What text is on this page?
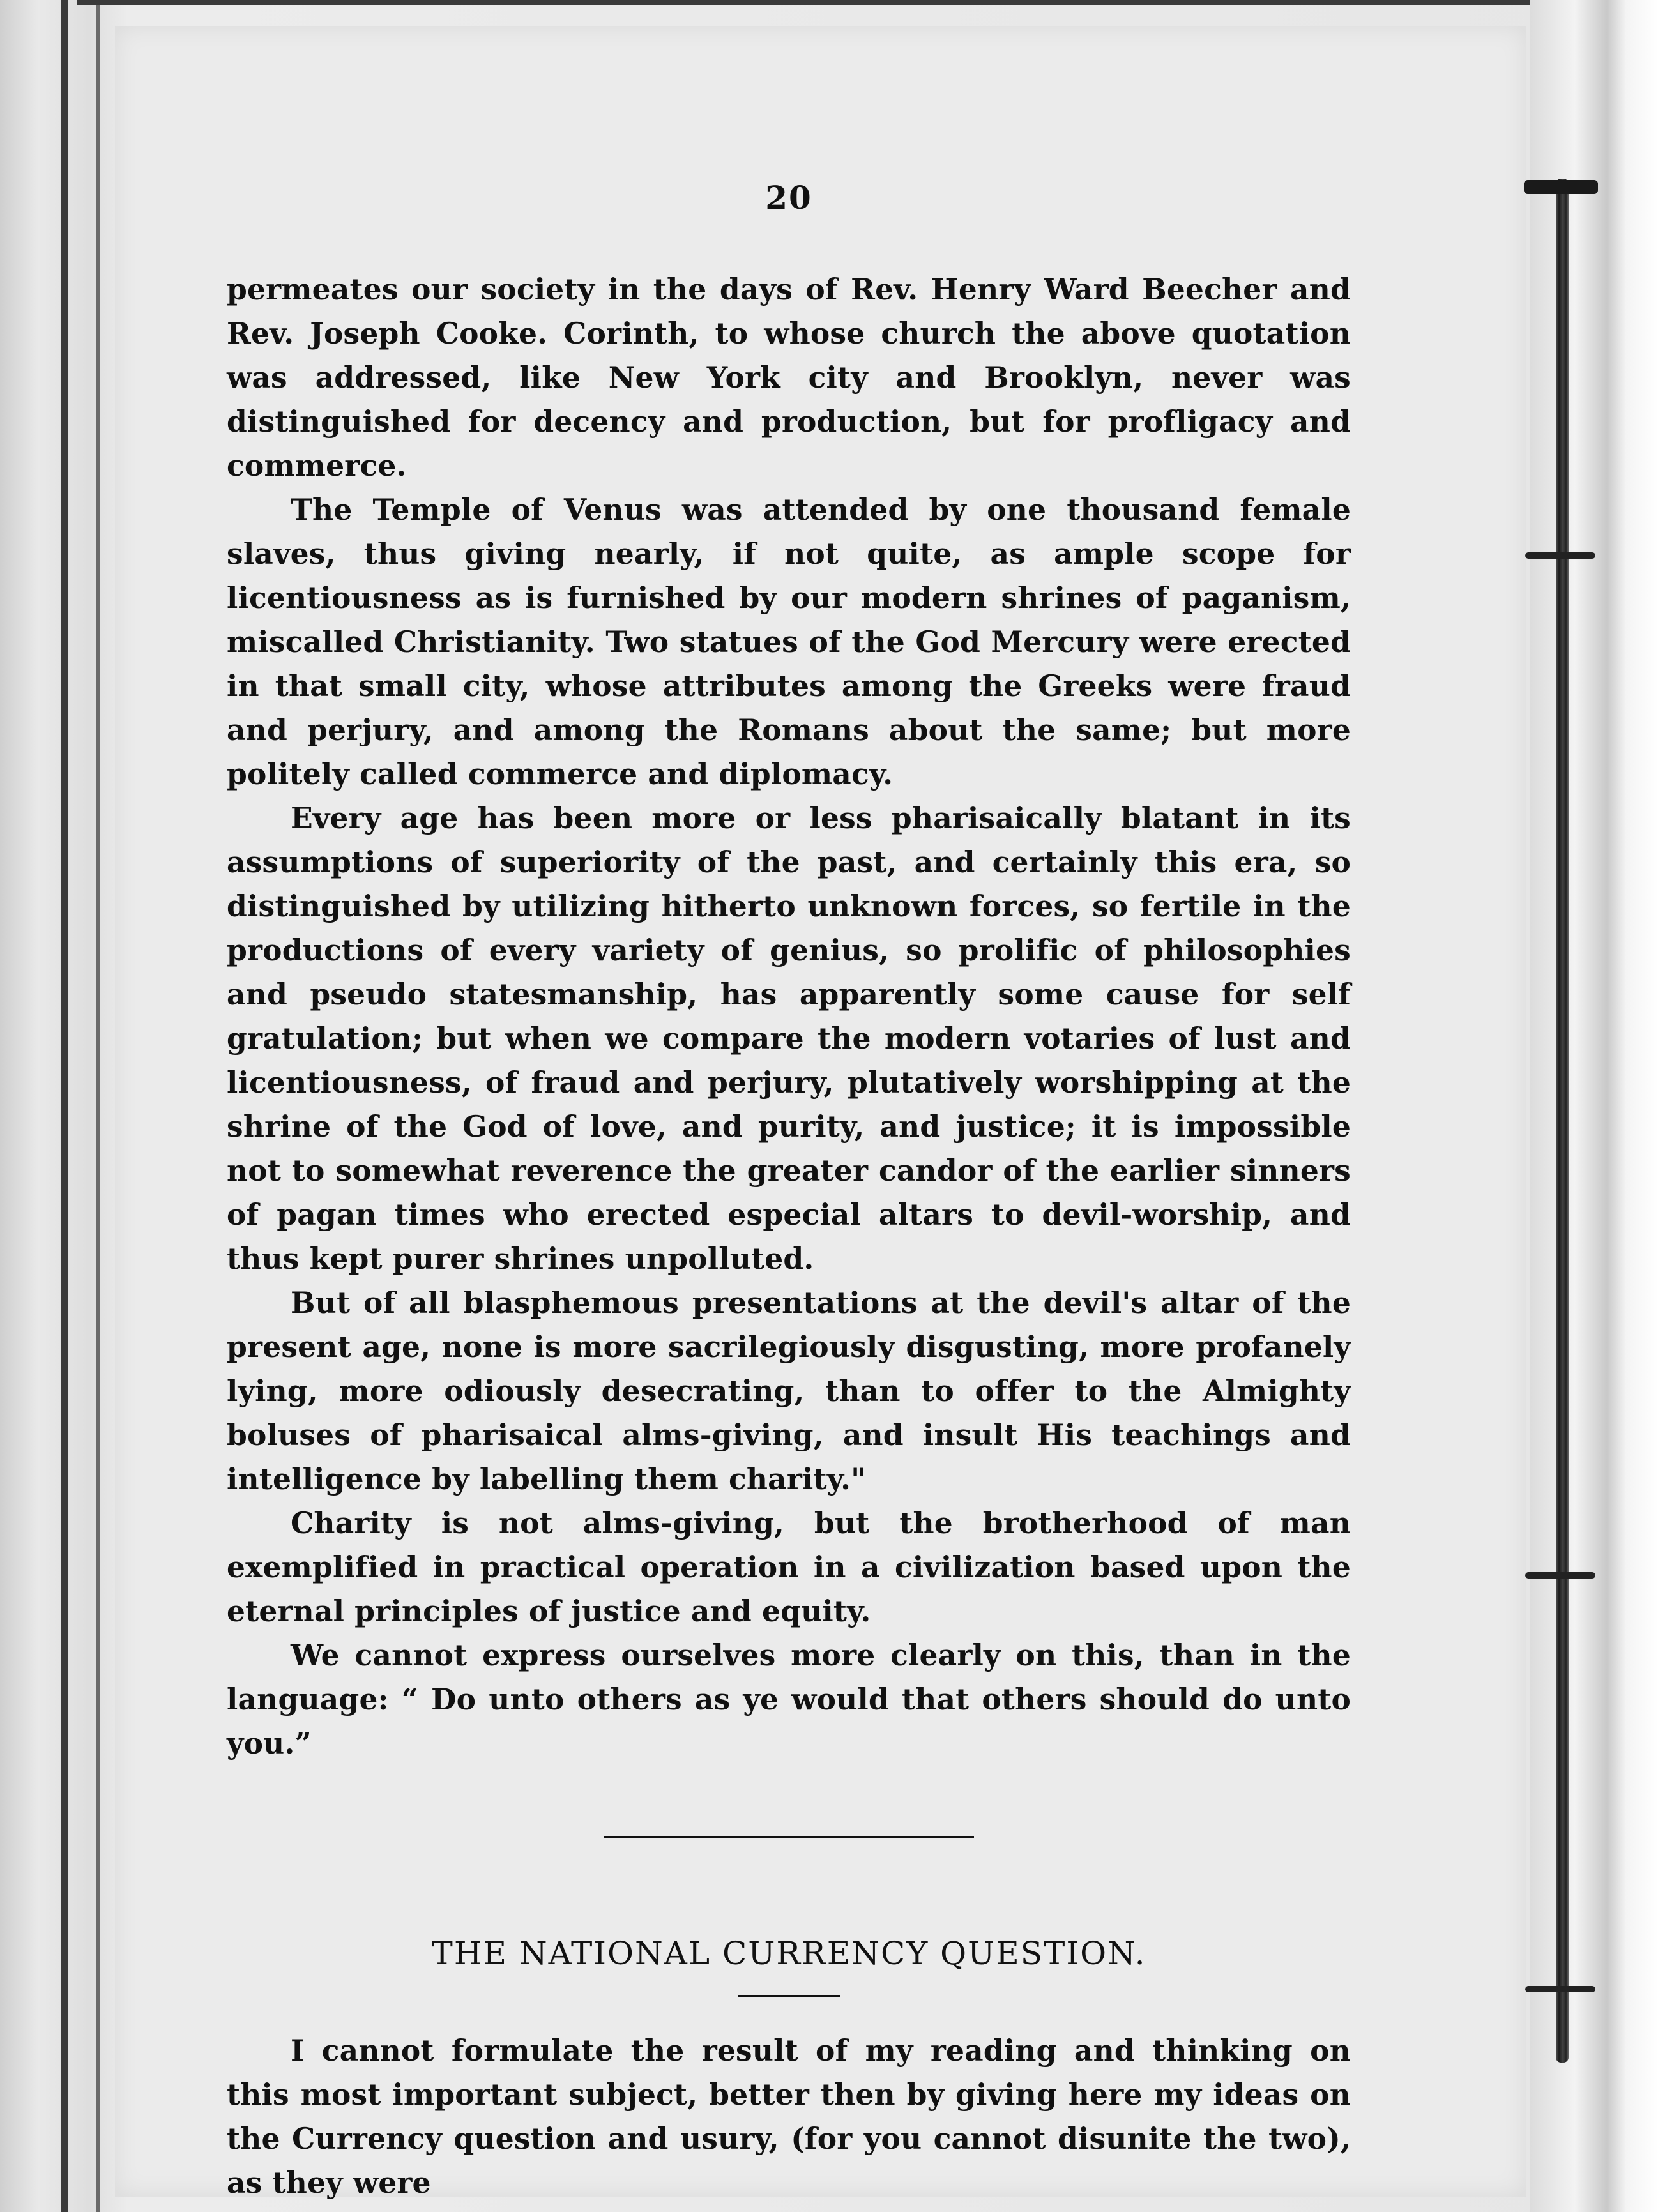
20

permeates our society in the days of Rev. Henry Ward Beecher and Rev. Joseph Cooke. Corinth, to whose church the above quotation was addressed, like New York city and Brooklyn, never was distinguished for decency and production, but for profligacy and commerce.

The Temple of Venus was attended by one thousand female slaves, thus giving nearly, if not quite, as ample scope for licentiousness as is furnished by our modern shrines of paganism, miscalled Christianity. Two statues of the God Mercury were erected in that small city, whose attributes among the Greeks were fraud and perjury, and among the Romans about the same; but more politely called commerce and diplomacy.

Every age has been more or less pharisaically blatant in its assumptions of superiority of the past, and certainly this era, so distinguished by utilizing hitherto unknown forces, so fertile in the productions of every variety of genius, so prolific of philosophies and pseudo statesmanship, has apparently some cause for self gratulation; but when we compare the modern votaries of lust and licentiousness, of fraud and perjury, plutatively worshipping at the shrine of the God of love, and purity, and justice; it is impossible not to somewhat reverence the greater candor of the earlier sinners of pagan times who erected especial altars to devil-worship, and thus kept purer shrines unpolluted.

But of all blasphemous presentations at the devil's altar of the present age, none is more sacrilegiously disgusting, more profanely lying, more odiously desecrating, than to offer to the Almighty boluses of pharisaical alms-giving, and insult His teachings and intelligence by labelling them charity."

Charity is not alms-giving, but the brotherhood of man exemplified in practical operation in a civilization based upon the eternal principles of justice and equity.

We cannot express ourselves more clearly on this, than in the language: “ Do unto others as ye would that others should do unto you.”

THE NATIONAL CURRENCY QUESTION.

I cannot formulate the result of my reading and thinking on this most important subject, better then by giving here my ideas on the Currency question and usury, (for you cannot disunite the two), as they were
